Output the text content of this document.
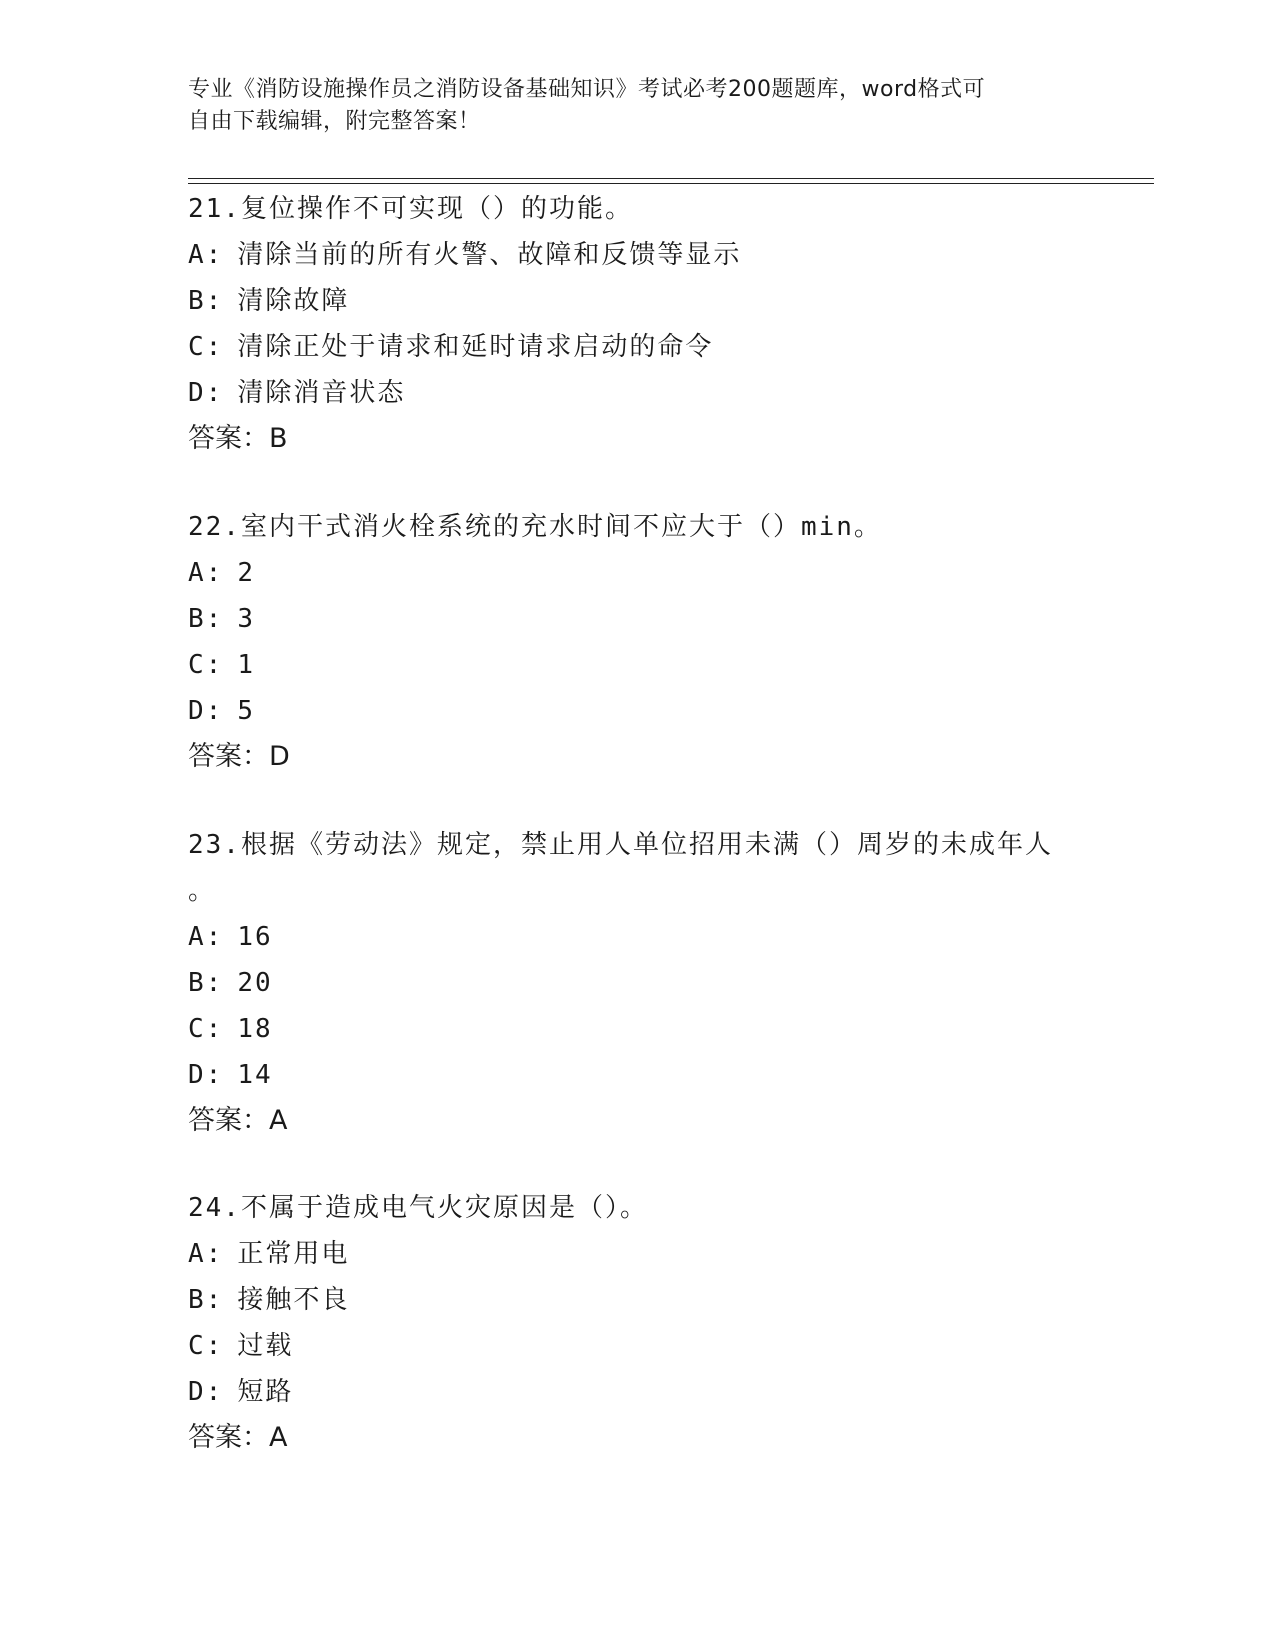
专业《消防设施操作员之消防设备基础知识》考试必考200题题库，word格式可
自由下载编辑，附完整答案！
21.复位操作不可实现（）的功能。
A: 清除当前的所有火警、故障和反馈等显示
B: 清除故障
C: 清除正处于请求和延时请求启动的命令
D: 清除消音状态
答案：B
22.室内干式消火栓系统的充水时间不应大于（）min。
A: 2
B: 3
C: 1
D: 5
答案：D
23.根据《劳动法》规定，禁止用人单位招用未满（）周岁的未成年人
。
A: 16
B: 20
C: 18
D: 14
答案：A
24.不属于造成电气火灾原因是（）。
A: 正常用电
B: 接触不良
C: 过载
D: 短路
答案：A
